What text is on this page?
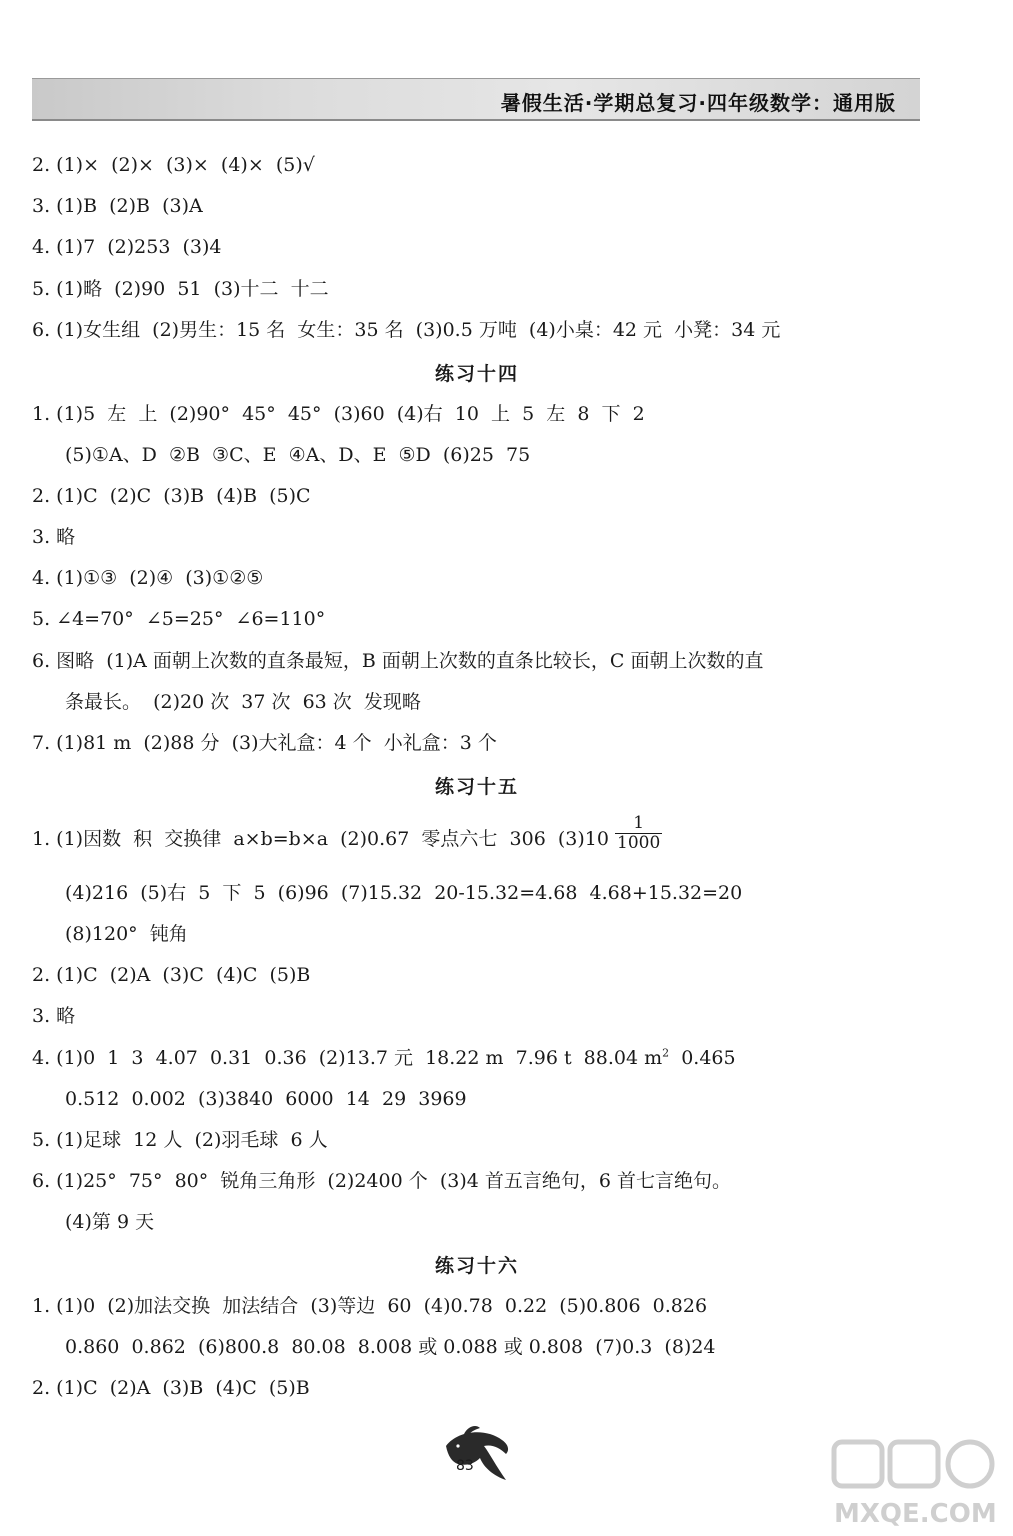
暑假生活·学期总复习·四年级数学：通用版
2. (1)×  (2)×  (3)×  (4)×  (5)√
3. (1)B  (2)B  (3)A
4. (1)7  (2)253  (3)4
5. (1)略  (2)90  51  (3)十二  十二
6. (1)女生组  (2)男生：15 名  女生：35 名  (3)0.5 万吨  (4)小桌：42 元  小凳：34 元
练习十四
1. (1)5  左  上  (2)90°  45°  45°  (3)60  (4)右  10  上  5  左  8  下  2
(5)①A、D  ②B  ③C、E  ④A、D、E  ⑤D  (6)25  75
2. (1)C  (2)C  (3)B  (4)B  (5)C
3. 略
4. (1)①③  (2)④  (3)①②⑤
5. ∠4=70°  ∠5=25°  ∠6=110°
6. 图略  (1)A 面朝上次数的直条最短，B 面朝上次数的直条比较长，C 面朝上次数的直
条最长。  (2)20 次  37 次  63 次  发现略
7. (1)81 m  (2)88 分  (3)大礼盒：4 个  小礼盒：3 个
练习十五
1. (1)因数  积  交换律  a×b=b×a  (2)0.67  零点六七  306  $(3)10 \frac{1}{1000}$
(4)216  (5)右  5  下  5  (6)96  (7)15.32  20-15.32=4.68  4.68+15.32=20
(8)120°  钝角
2. (1)C  (2)A  (3)C  (4)C  (5)B
3. 略
4. (1)0  1  3  4.07  0.31  0.36  (2)13.7 元  18.22 m  7.96 t  88.04 $m^2$  0.465
0.512  0.002  (3)3840  6000  14  29  3969
5. (1)足球  12 人  (2)羽毛球  6 人
6. (1)25°  75°  80°  锐角三角形  (2)2400 个  (3)4 首五言绝句，6 首七言绝句。
(4)第 9 天
练习十六
1. (1)0  (2)加法交换  加法结合  (3)等边  60  (4)0.78  0.22  (5)0.806  0.826
0.860  0.862  (6)800.8  80.08  8.008 或 0.088 或 0.808  (7)0.3  (8)24
2. (1)C  (2)A  (3)B  (4)C  (5)B
83
MXQE.COM
